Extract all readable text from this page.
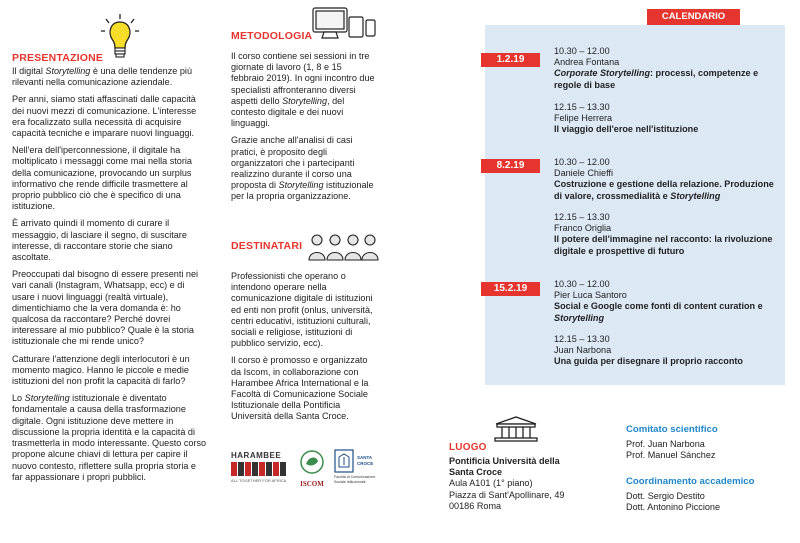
PRESENTAZIONE

Il digital Storytelling è una delle tendenze più rilevanti nella comunicazione aziendale.

Per anni, siamo stati affascinati dalle capacità dei nuovi mezzi di comunicazione. L'interesse era focalizzato sulla necessità di acquisire capacità tecniche e imparare nuovi linguaggi.

Nell'era dell'iperconnessione, il digitale ha moltiplicato i messaggi come mai nella storia della comunicazione, provocando un surplus informativo che rende difficile trasmettere al proprio pubblico ciò che è specifico di una istituzione.

È arrivato quindi il momento di curare il messaggio, di lasciare il segno, di suscitare interesse, di raccontare storie che siano ascoltate.

Preoccupati dal bisogno di essere presenti nei vari canali (Instagram, Whatsapp, ecc) e di usare i nuovi linguaggi (realtà virtuale), dimentichiamo che la vera domanda è: ho qualcosa da raccontare? Perché dovrei interessare al mio pubblico? Quale è la storia istituzionale che mi rende unico?

Catturare l'attenzione degli interlocutori è un momento magico. Hanno le piccole e medie istituzioni del non profit la capacità di farlo?

Lo Storytelling istituzionale è diventato fondamentale a causa della trasformazione digitale. Ogni istituzione deve mettere in discussione la propria identità e la capacità di trasmetterla in modo interessante. Questo corso propone alcune chiavi di lettura per capire il nuovo contesto, riflettere sulla propria storia e far appassionare i propri pubblici.

METODOLOGIA

Il corso contiene sei sessioni in tre giornate di lavoro (1, 8 e 15 febbraio 2019). In ogni incontro due specialisti affronteranno diversi aspetti dello Storytelling, del contesto digitale e dei nuovi linguaggi.

Grazie anche all'analisi di casi pratici, è proposito degli organizzatori che i partecipanti realizzino durante il corso una proposta di Storytelling istituzionale per la propria organizzazione.

DESTINATARI

Professionisti che operano o intendono operare nella comunicazione digitale di istituzioni ed enti non profit (onlus, università, centri educativi, istituzioni culturali, sociali e religiose, istituzioni di pubblico servizio, ecc).

Il corso è promosso e organizzato da Iscom, in collaborazione con Harambee Africa International e la Facoltà di Comunicazione Sociale Istituzionale della Pontificia Università della Santa Croce.

HARAMBEE
ALL TOGETHER FOR AFRICA	ISCOM
SANTA CROCE
Facoltà di Comunicazione Sociale Istituzionale
CALENDARIO
1.2.19
10.30 – 12.00
Andrea Fontana
Corporate Storytelling: processi, competenze e regole di base
12.15 – 13.30
Felipe Herrera
Il viaggio dell'eroe nell'istituzione
8.2.19	10.30 – 12.00
Daniele Chieffi
Costruzione e gestione della relazione. Produzione di valore, crossmedialità e Storytelling
12.15 – 13.30
Franco Origlia
Il potere dell'immagine nel racconto: la rivoluzione digitale e prospettive di futuro
15.2.19	10.30 – 12.00
Pier Luca Santoro
Social e Google come fonti di content curation e Storytelling
12.15 – 13.30
Juan Narbona
Una guida per disegnare il proprio racconto
LUOGO
Pontificia Università della Santa Croce
Aula A101 (1° piano)
Piazza di Sant'Apollinare, 49
00186 Roma
Comitato scientifico
Prof. Juan Narbona
Prof. Manuel Sánchez
Coordinamento accademico
Dott. Sergio Destito
Dott. Antonino Piccione
